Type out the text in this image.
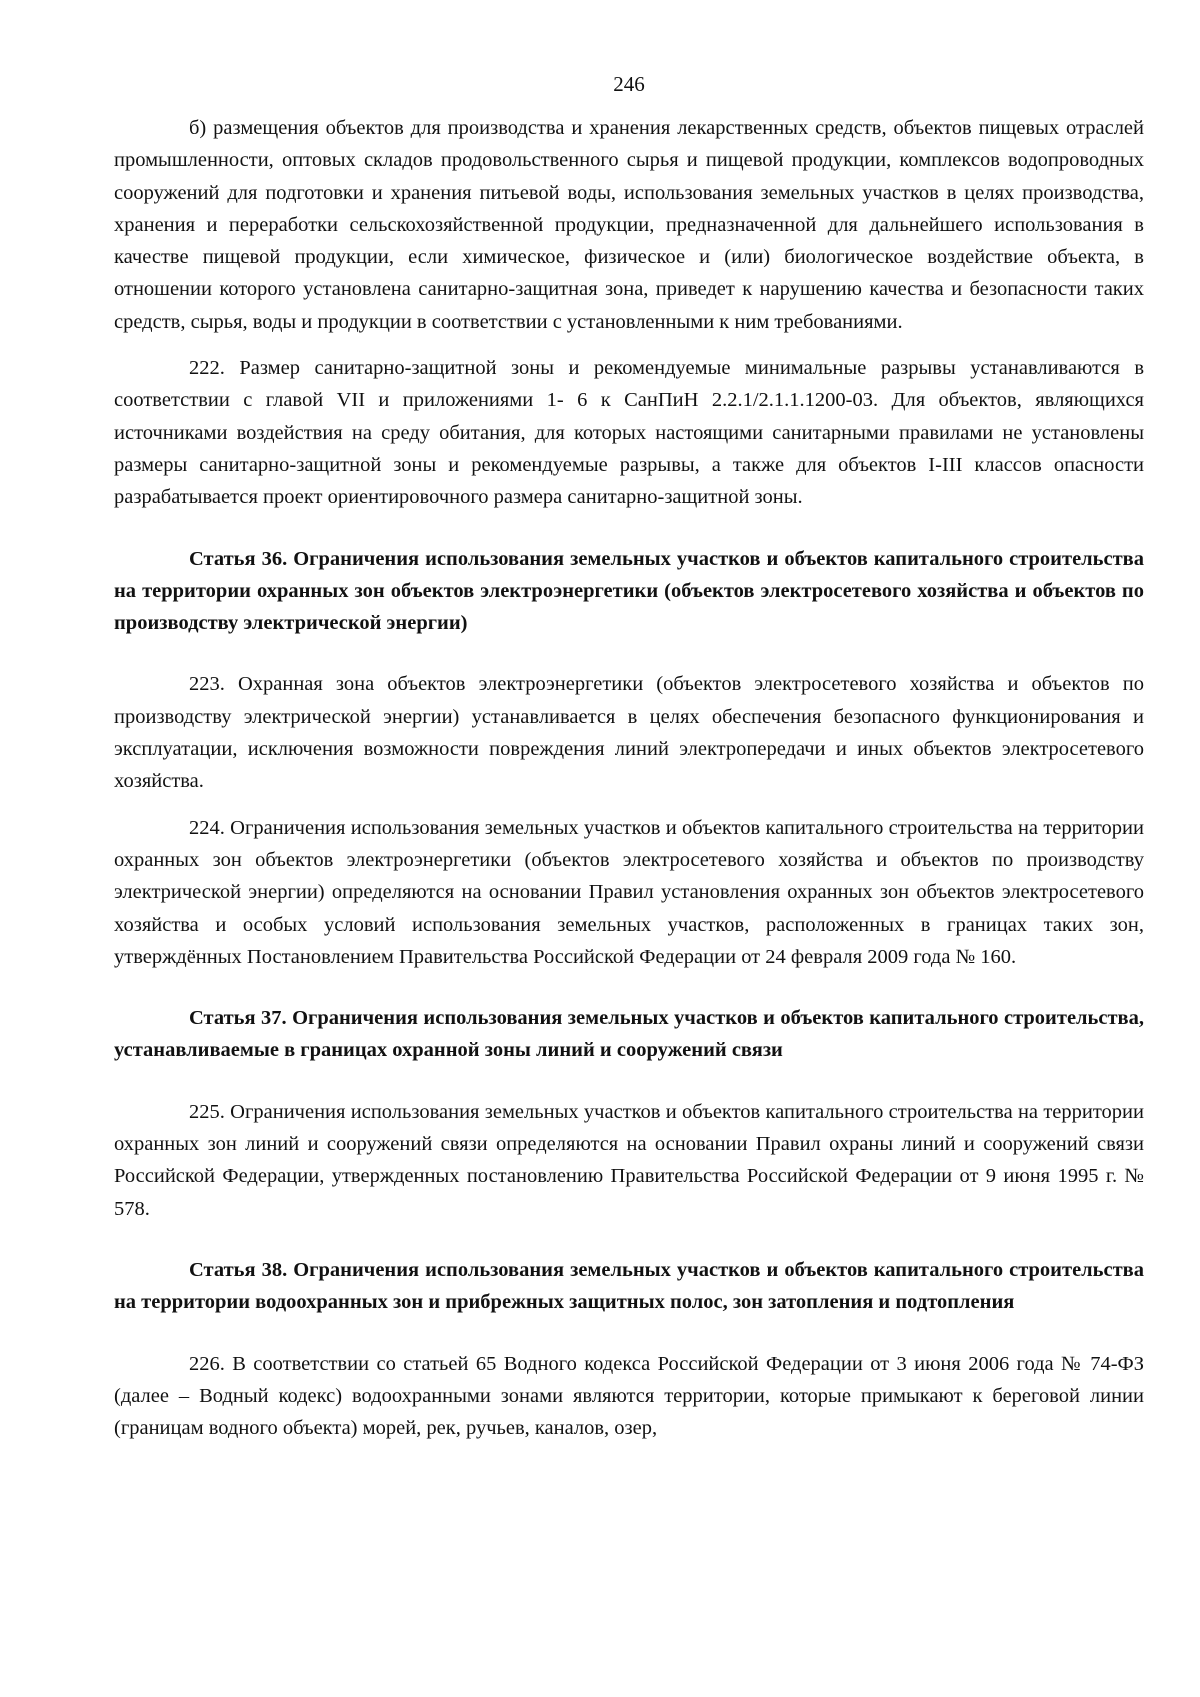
246

б) размещения объектов для производства и хранения лекарственных средств, объектов пищевых отраслей промышленности, оптовых складов продовольственного сырья и пищевой продукции, комплексов водопроводных сооружений для подготовки и хранения питьевой воды, использования земельных участков в целях производства, хранения и переработки сельскохозяйственной продукции, предназначенной для дальнейшего использования в качестве пищевой продукции, если химическое, физическое и (или) биологическое воздействие объекта, в отношении которого установлена санитарно-защитная зона, приведет к нарушению качества и безопасности таких средств, сырья, воды и продукции в соответствии с установленными к ним требованиями.

222. Размер санитарно-защитной зоны и рекомендуемые минимальные разрывы устанавливаются в соответствии с главой VII и приложениями 1- 6 к СанПиН 2.2.1/2.1.1.1200-03. Для объектов, являющихся источниками воздействия на среду обитания, для которых настоящими санитарными правилами не установлены размеры санитарно-защитной зоны и рекомендуемые разрывы, а также для объектов I-III классов опасности разрабатывается проект ориентировочного размера санитарно-защитной зоны.

Статья 36. Ограничения использования земельных участков и объектов капитального строительства на территории охранных зон объектов электроэнергетики (объектов электросетевого хозяйства и объектов по производству электрической энергии)

223. Охранная зона объектов электроэнергетики (объектов электросетевого хозяйства и объектов по производству электрической энергии) устанавливается в целях обеспечения безопасного функционирования и эксплуатации, исключения возможности повреждения линий электропередачи и иных объектов электросетевого хозяйства.

224. Ограничения использования земельных участков и объектов капитального строительства на территории охранных зон объектов электроэнергетики (объектов электросетевого хозяйства и объектов по производству электрической энергии) определяются на основании Правил установления охранных зон объектов электросетевого хозяйства и особых условий использования земельных участков, расположенных в границах таких зон, утверждённых Постановлением Правительства Российской Федерации от 24 февраля 2009 года № 160.

Статья 37. Ограничения использования земельных участков и объектов капитального строительства, устанавливаемые в границах охранной зоны линий и сооружений связи

225. Ограничения использования земельных участков и объектов капитального строительства на территории охранных зон линий и сооружений связи определяются на основании Правил охраны линий и сооружений связи Российской Федерации, утвержденных постановлению Правительства Российской Федерации от 9 июня 1995 г. № 578.

Статья 38. Ограничения использования земельных участков и объектов капитального строительства на территории водоохранных зон и прибрежных защитных полос, зон затопления и подтопления

226. В соответствии со статьей 65 Водного кодекса Российской Федерации от 3 июня 2006 года № 74-ФЗ (далее – Водный кодекс) водоохранными зонами являются территории, которые примыкают к береговой линии (границам водного объекта) морей, рек, ручьев, каналов, озер,
